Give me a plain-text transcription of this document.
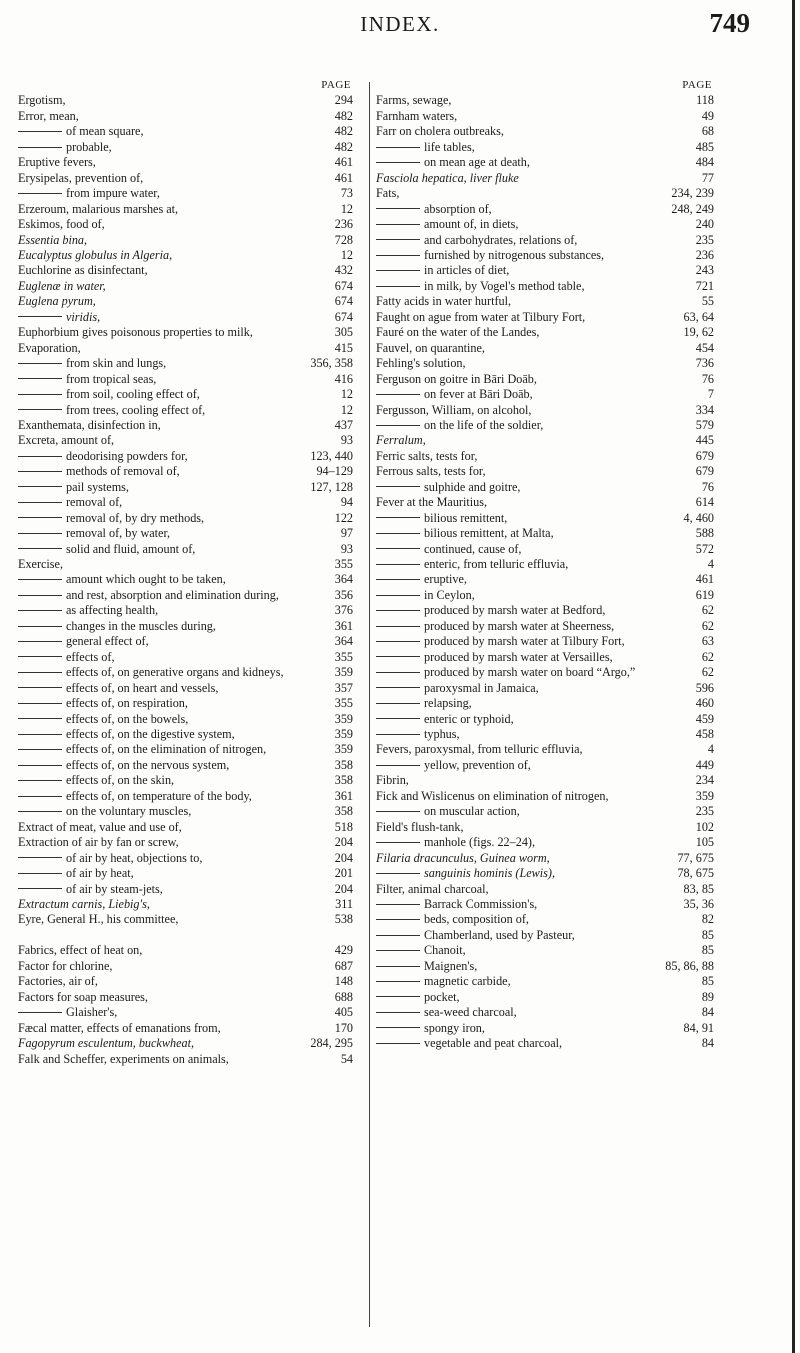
INDEX.	749
PAGE
Ergotism,	294
Error, mean,	482
of mean square,	482
probable,	482
Eruptive fevers,	461
Erysipelas, prevention of,	461
from impure water,	73
Erzeroum, malarious marshes at,	12
Eskimos, food of,	236
Essentia bina,	728
Eucalyptus globulus in Algeria,	12
Euchlorine as disinfectant,	432
Euglenæ in water,	674
Euglena pyrum,	674
viridis,	674
Euphorbium gives poisonous properties to milk,	305
Evaporation,	415
from skin and lungs,	356, 358
from tropical seas,	416
from soil, cooling effect of,	12
from trees, cooling effect of,	12
Exanthemata, disinfection in,	437
Excreta, amount of,	93
deodorising powders for,	123, 440
methods of removal of,	94–129
pail systems,	127, 128
removal of,	94
removal of, by dry methods,	122
removal of, by water,	97
solid and fluid, amount of,	93
Exercise,	355
amount which ought to be taken,	364
and rest, absorption and elimination during,	356
as affecting health,	376
changes in the muscles during,	361
general effect of,	364
effects of,	355
effects of, on generative organs and kidneys,	359
effects of, on heart and vessels,	357
effects of, on respiration,	355
effects of, on the bowels,	359
effects of, on the digestive system,	359
effects of, on the elimination of nitrogen,	359
effects of, on the nervous system,	358
effects of, on the skin,	358
effects of, on temperature of the body,	361
on the voluntary muscles,	358
Extract of meat, value and use of,	518
Extraction of air by fan or screw,	204
of air by heat, objections to,	204
of air by heat,	201
of air by steam-jets,	204
Extractum carnis, Liebig's,	311
Eyre, General H., his committee,	538
Fabrics, effect of heat on,	429
Factor for chlorine,	687
Factories, air of,	148
Factors for soap measures,	688
Glaisher's,	405
Fæcal matter, effects of emanations from,	170
Fagopyrum esculentum, buckwheat,	284, 295
Falk and Scheffer, experiments on animals,	54
PAGE
Farms, sewage,	118
Farnham waters,	49
Farr on cholera outbreaks,	68
life tables,	485
on mean age at death,	484
Fasciola hepatica, liver fluke	77
Fats,	234, 239
absorption of,	248, 249
amount of, in diets,	240
and carbohydrates, relations of,	235
furnished by nitrogenous substances,	236
in articles of diet,	243
in milk, by Vogel's method table,	721
Fatty acids in water hurtful,	55
Faught on ague from water at Tilbury Fort,	63, 64
Fauré on the water of the Landes,	19, 62
Fauvel, on quarantine,	454
Fehling's solution,	736
Ferguson on goitre in Bāri Doāb,	76
on fever at Bāri Doāb,	7
Fergusson, William, on alcohol,	334
on the life of the soldier,	579
Ferralum,	445
Ferric salts, tests for,	679
Ferrous salts, tests for,	679
sulphide and goitre,	76
Fever at the Mauritius,	614
bilious remittent,	4, 460
bilious remittent, at Malta,	588
continued, cause of,	572
enteric, from telluric effluvia,	4
eruptive,	461
in Ceylon,	619
produced by marsh water at Bedford,	62
produced by marsh water at Sheerness,	62
produced by marsh water at Tilbury Fort,	63
produced by marsh water at Versailles,	62
produced by marsh water on board “Argo,”	62
paroxysmal in Jamaica,	596
relapsing,	460
enteric or typhoid,	459
typhus,	458
Fevers, paroxysmal, from telluric effluvia,	4
yellow, prevention of,	449
Fibrin,	234
Fick and Wislicenus on elimination of nitrogen,	359
on muscular action,	235
Field's flush-tank,	102
manhole (figs. 22–24),	105
Filaria dracunculus, Guinea worm,	77, 675
sanguinis hominis (Lewis),	78, 675
Filter, animal charcoal,	83, 85
Barrack Commission's,	35, 36
beds, composition of,	82
Chamberland, used by Pasteur,	85
Chanoit,	85
Maignen's,	85, 86, 88
magnetic carbide,	85
pocket,	89
sea-weed charcoal,	84
spongy iron,	84, 91
vegetable and peat charcoal,	84
